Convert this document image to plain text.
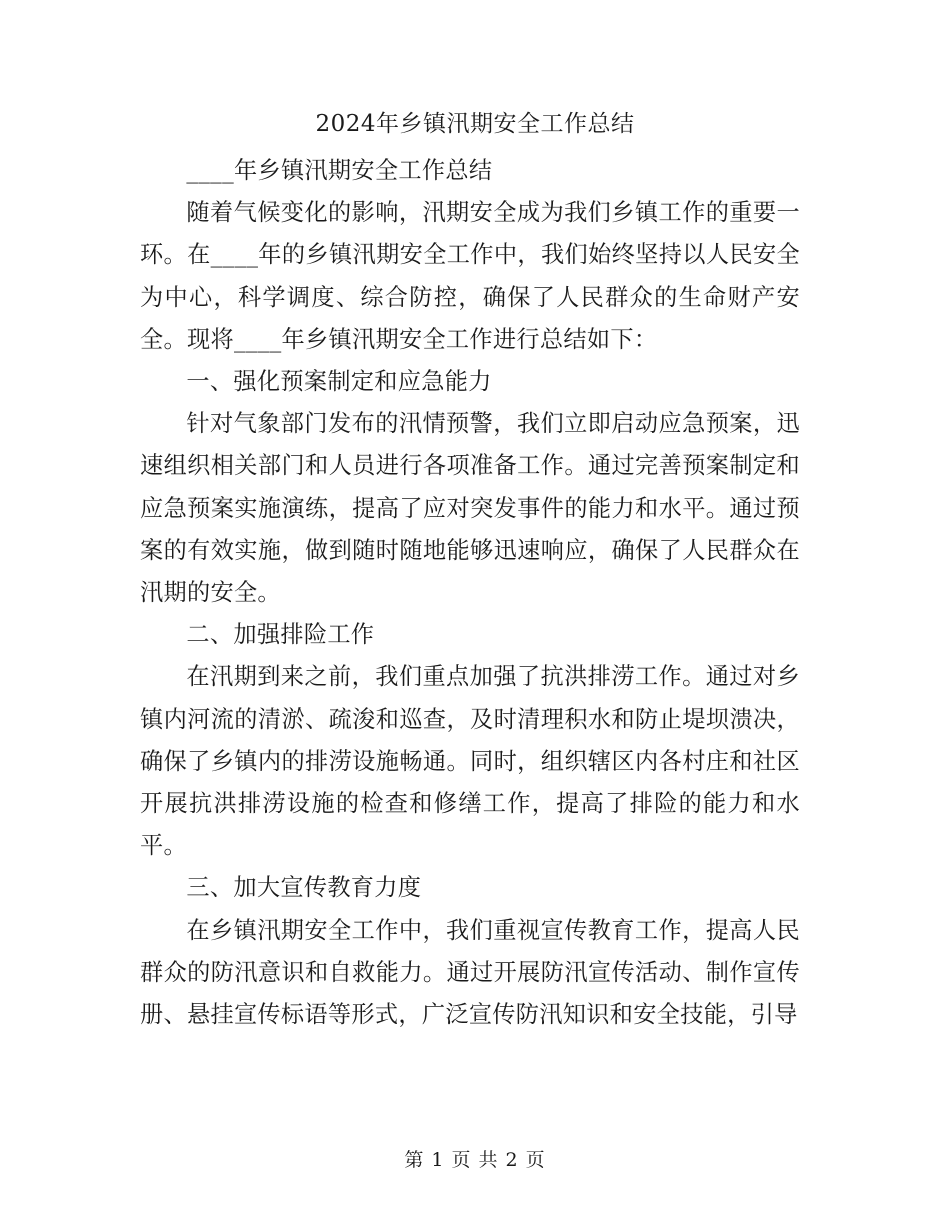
2024年乡镇汛期安全工作总结

____年乡镇汛期安全工作总结

随着气候变化的影响，汛期安全成为我们乡镇工作的重要一环。在____年的乡镇汛期安全工作中，我们始终坚持以人民安全为中心，科学调度、综合防控，确保了人民群众的生命财产安全。现将____年乡镇汛期安全工作进行总结如下：

一、强化预案制定和应急能力

针对气象部门发布的汛情预警，我们立即启动应急预案，迅速组织相关部门和人员进行各项准备工作。通过完善预案制定和应急预案实施演练，提高了应对突发事件的能力和水平。通过预案的有效实施，做到随时随地能够迅速响应，确保了人民群众在汛期的安全。

二、加强排险工作

在汛期到来之前，我们重点加强了抗洪排涝工作。通过对乡镇内河流的清淤、疏浚和巡查，及时清理积水和防止堤坝溃决，确保了乡镇内的排涝设施畅通。同时，组织辖区内各村庄和社区开展抗洪排涝设施的检查和修缮工作，提高了排险的能力和水平。

三、加大宣传教育力度

在乡镇汛期安全工作中，我们重视宣传教育工作，提高人民群众的防汛意识和自救能力。通过开展防汛宣传活动、制作宣传册、悬挂宣传标语等形式，广泛宣传防汛知识和安全技能，引导

第 1 页 共 2 页
